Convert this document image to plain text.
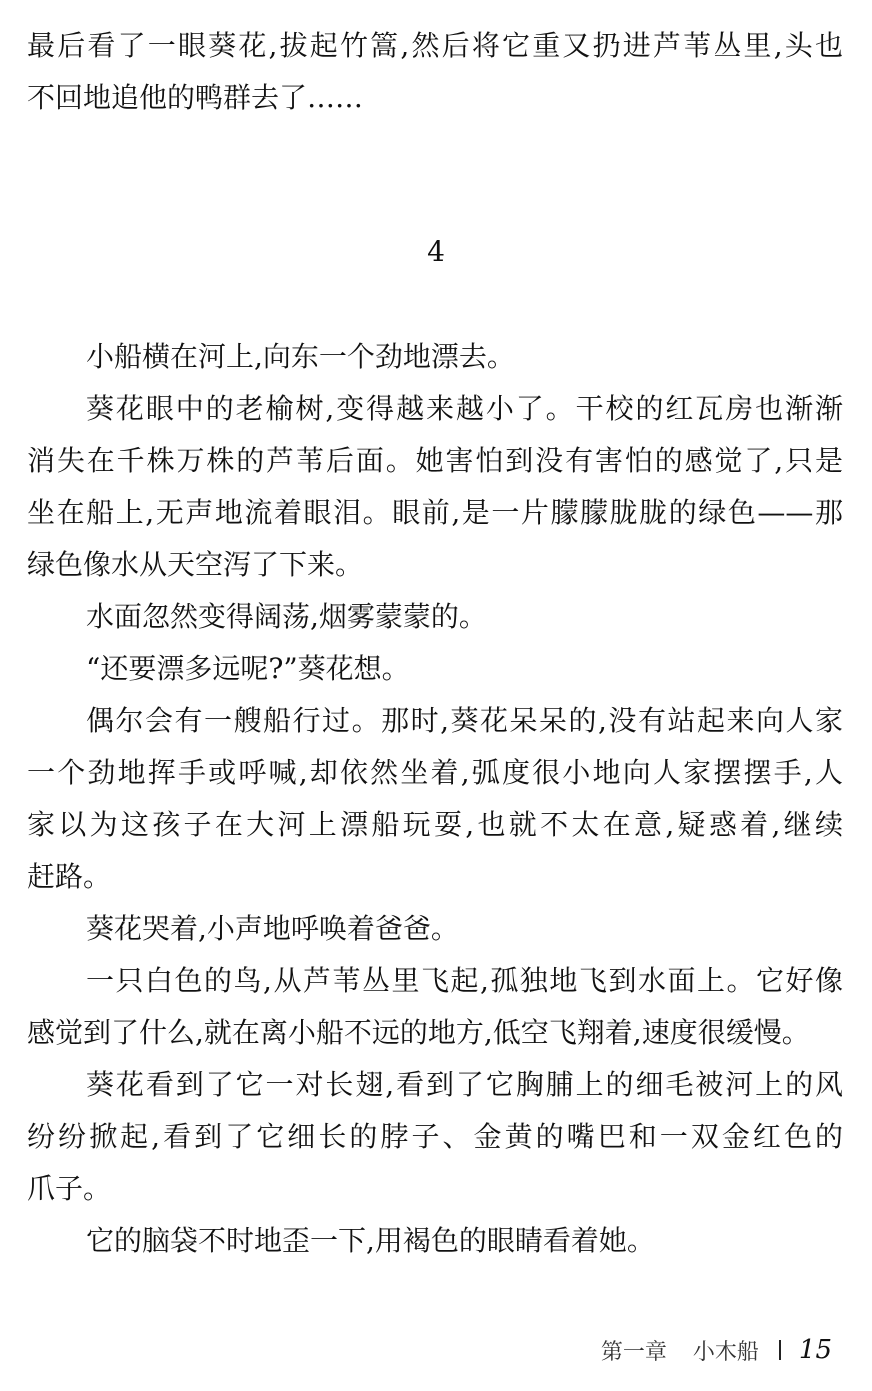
最后看了一眼葵花,拔起竹篙,然后将它重又扔进芦苇丛里,头也
不回地追他的鸭群去了……
4
小船横在河上,向东一个劲地漂去。
葵花眼中的老榆树,变得越来越小了。干校的红瓦房也渐渐
消失在千株万株的芦苇后面。她害怕到没有害怕的感觉了,只是
坐在船上,无声地流着眼泪。眼前,是一片朦朦胧胧的绿色——那
绿色像水从天空泻了下来。
水面忽然变得阔荡,烟雾蒙蒙的。
“还要漂多远呢?”葵花想。
偶尔会有一艘船行过。那时,葵花呆呆的,没有站起来向人家
一个劲地挥手或呼喊,却依然坐着,弧度很小地向人家摆摆手,人
家以为这孩子在大河上漂船玩耍,也就不太在意,疑惑着,继续
赶路。
葵花哭着,小声地呼唤着爸爸。
一只白色的鸟,从芦苇丛里飞起,孤独地飞到水面上。它好像
感觉到了什么,就在离小船不远的地方,低空飞翔着,速度很缓慢。
葵花看到了它一对长翅,看到了它胸脯上的细毛被河上的风
纷纷掀起,看到了它细长的脖子、金黄的嘴巴和一双金红色的
爪子。
它的脑袋不时地歪一下,用褐色的眼睛看着她。
第一章 小木船 15
